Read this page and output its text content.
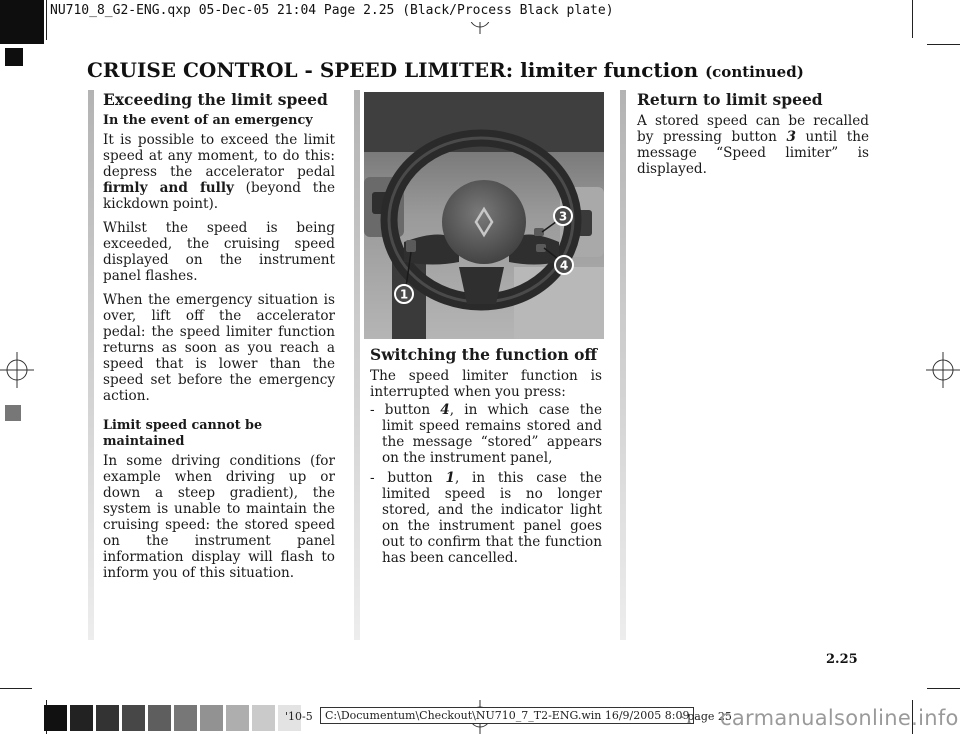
NU710_8_G2-ENG.qxp 05-Dec-05 21:04 Page 2.25 (Black/Process Black plate)
CRUISE CONTROL - SPEED LIMITER: limiter function (continued)
Exceeding the limit speed
In the event of an emergency

It is possible to exceed the limit speed at any moment, to do this: depress the accelerator pedal firmly and fully (beyond the kickdown point).

Whilst the speed is being exceeded, the cruising speed displayed on the instrument panel flashes.

When the emergency situation is over, lift off the accelerator pedal: the speed limiter function returns as soon as you reach a speed that is lower than the speed set before the emergency action.

Limit speed cannot be maintained

In some driving conditions (for example when driving up or down a steep gradient), the system is unable to maintain the cruising speed: the stored speed on the instrument panel information display will flash to inform you of this situation.

1
3
4
Switching the function off

The speed limiter function is interrupted when you press:

- button 4, in which case the limit speed remains stored and the message “stored” appears on the instrument panel,
- button 1, in this case the limited speed is no longer stored, and the indicator light on the instrument panel goes out to confirm that the function has been cancelled.
Return to limit speed

A stored speed can be recalled by pressing button 3 until the message “Speed limiter” is displayed.

2.25
'10-5	C:\Documentum\Checkout\NU710_7_T2-ENG.win 16/9/2005 8:09
- page 25
carmanualsonline.info
